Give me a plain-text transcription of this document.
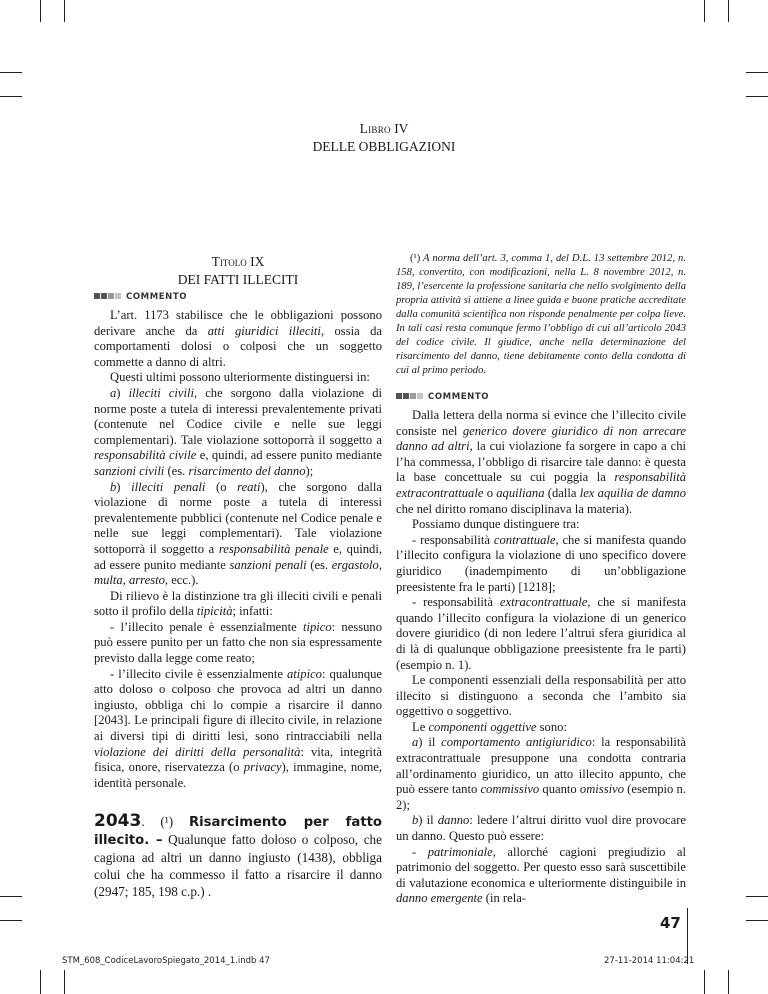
Libro IV
DELLE OBBLIGAZIONI
Titolo IX
DEI FATTI ILLECITI
COMMENTO

L’art. 1173 stabilisce che le obbligazioni possono derivare anche da atti giuridici illeciti, ossia da comportamenti dolosi o colposi che un soggetto commette a danno di altri.

Questi ultimi possono ulteriormente distinguersi in:

a) illeciti civili, che sorgono dalla violazione di norme poste a tutela di interessi prevalentemente privati (contenute nel Codice civile e nelle sue leggi complementari). Tale violazione sottoporrà il soggetto a responsabilità civile e, quindi, ad essere punito mediante sanzioni civili (es. risarcimento del danno);

b) illeciti penali (o reati), che sorgono dalla violazione di norme poste a tutela di interessi prevalentemente pubblici (contenute nel Codice penale e nelle sue leggi complementari). Tale violazione sottoporrà il soggetto a responsabilità penale e, quindi, ad essere punito mediante sanzioni penali (es. ergastolo, multa, arresto, ecc.).

Di rilievo è la distinzione tra gli illeciti civili e penali sotto il profilo della tipicità; infatti:

- l’illecito penale è essenzialmente tipico: nessuno può essere punito per un fatto che non sia espressamente previsto dalla legge come reato;

- l’illecito civile è essenzialmente atipico: qualunque atto doloso o colposo che provoca ad altri un danno ingiusto, obbliga chi lo compie a risarcire il danno [2043]. Le principali figure di illecito civile, in relazione ai diversi tipi di diritti lesi, sono rintracciabili nella violazione dei diritti della personalità: vita, integrità fisica, onore, riservatezza (o privacy), immagine, nome, identità personale.

2043. (¹) Risarcimento per fatto illecito. – Qualunque fatto doloso o colposo, che cagiona ad altri un danno ingiusto (1438), obbliga colui che ha commesso il fatto a risarcire il danno (2947; 185, 198 c.p.) .

(¹) A norma dell’art. 3, comma 1, del D.L. 13 settembre 2012, n. 158, convertito, con modificazioni, nella L. 8 novembre 2012, n. 189, l’esercente la professione sanitaria che nello svolgimento della propria attività si attiene a linee guida e buone pratiche accreditate dalla comunità scientifica non risponde penalmente per colpa lieve. In tali casi resta comunque fermo l’obbligo di cui all’articolo 2043 del codice civile. Il giudice, anche nella determinazione del risarcimento del danno, tiene debitamente conto della condotta di cui al primo periodo.

COMMENTO

Dalla lettera della norma si evince che l’illecito civile consiste nel generico dovere giuridico di non arrecare danno ad altri, la cui violazione fa sorgere in capo a chi l’ha commessa, l’obbligo di risarcire tale danno: è questa la base concettuale su cui poggia la responsabilità extracontrattuale o aquiliana (dalla lex aquilia de damno che nel diritto romano disciplinava la materia).

Possiamo dunque distinguere tra:

- responsabilità contrattuale, che si manifesta quando l’illecito configura la violazione di uno specifico dovere giuridico (inadempimento di un’obbligazione preesistente fra le parti) [1218];

- responsabilità extracontrattuale, che si manifesta quando l’illecito configura la violazione di un generico dovere giuridico (di non ledere l’altrui sfera giuridica al di là di qualunque obbligazione preesistente fra le parti) (esempio n. 1).

Le componenti essenziali della responsabilità per atto illecito si distinguono a seconda che l’ambito sia oggettivo o soggettivo.

Le componenti oggettive sono:

a) il comportamento antigiuridico: la responsabilità extracontrattuale presuppone una condotta contraria all’ordinamento giuridico, un atto illecito appunto, che può essere tanto commissivo quanto omissivo (esempio n. 2);

b) il danno: ledere l’altrui diritto vuol dire provocare un danno. Questo può essere:

- patrimoniale, allorché cagioni pregiudizio al patrimonio del soggetto. Per questo esso sarà suscettibile di valutazione economica e ulteriormente distinguibile in danno emergente (in rela-

47
STM_608_CodiceLavoroSpiegato_2014_1.indb 47	27-11-2014 11:04:21
